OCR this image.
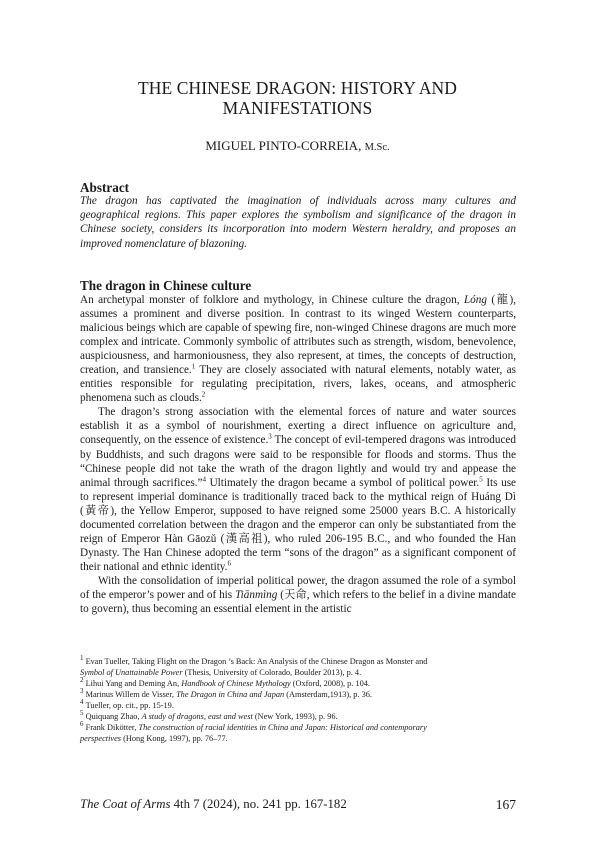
THE CHINESE DRAGON: HISTORY AND MANIFESTATIONS
MIGUEL PINTO-CORREIA, M.Sc.
Abstract

The dragon has captivated the imagination of individuals across many cultures and geographical regions. This paper explores the symbolism and significance of the dragon in Chinese society, considers its incorporation into modern Western heraldry, and proposes an improved nomenclature of blazoning.

The dragon in Chinese culture

An archetypal monster of folklore and mythology, in Chinese culture the dragon, Lóng (龍), assumes a prominent and diverse position. In contrast to its winged Western counterparts, malicious beings which are capable of spewing fire, non-winged Chinese dragons are much more complex and intricate. Commonly symbolic of attributes such as strength, wisdom, benevolence, auspiciousness, and harmoniousness, they also represent, at times, the concepts of destruction, creation, and transience.$^1$ They are closely associated with natural elements, notably water, as entities responsible for regulating precipitation, rivers, lakes, oceans, and atmospheric phenomena such as clouds.$^2$

The dragon’s strong association with the elemental forces of nature and water sources establish it as a symbol of nourishment, exerting a direct influence on agriculture and, consequently, on the essence of existence.$^3$ The concept of evil-tempered dragons was introduced by Buddhists, and such dragons were said to be responsible for floods and storms. Thus the “Chinese people did not take the wrath of the dragon lightly and would try and appease the animal through sacrifices.”$^4$ Ultimately the dragon became a symbol of political power.$^5$ Its use to represent imperial dominance is traditionally traced back to the mythical reign of Huáng Dì (黃帝), the Yellow Emperor, supposed to have reigned some 25000 years B.C. A historically documented correlation between the dragon and the emperor can only be substantiated from the reign of Emperor Hàn Gāozǔ (漢高祖), who ruled 206-195 B.C., and who founded the Han Dynasty. The Han Chinese adopted the term “sons of the dragon” as a significant component of their national and ethnic identity.$^6$

With the consolidation of imperial political power, the dragon assumed the role of a symbol of the emperor’s power and of his Tiānmìng (天命, which refers to the belief in a divine mandate to govern), thus becoming an essential element in the artistic

$^1$ Evan Tueller, Taking Flight on the Dragon ’s Back: An Analysis of the Chinese Dragon as Monster and
Symbol of Unattainable Power (Thesis, University of Colorado, Boulder 2013), p. 4.
$^2$ Lihui Yang and Deming An, Handbook of Chinese Mythology (Oxford, 2008), p. 104.
$^3$ Marinus Willem de Visser, The Dragon in China and Japan (Amsterdam,1913), p. 36.
$^4$ Tueller, op. cit., pp. 15-19.
$^5$ Quiquang Zhao, A study of dragons, east and west (New York, 1993), p. 96.
$^6$ Frank Dikötter, The construction of racial identities in China and Japan: Historical and contemporary
perspectives (Hong Kong, 1997), pp. 76–77.
The Coat of Arms 4th 7 (2024), no. 241 pp. 167-182	167
